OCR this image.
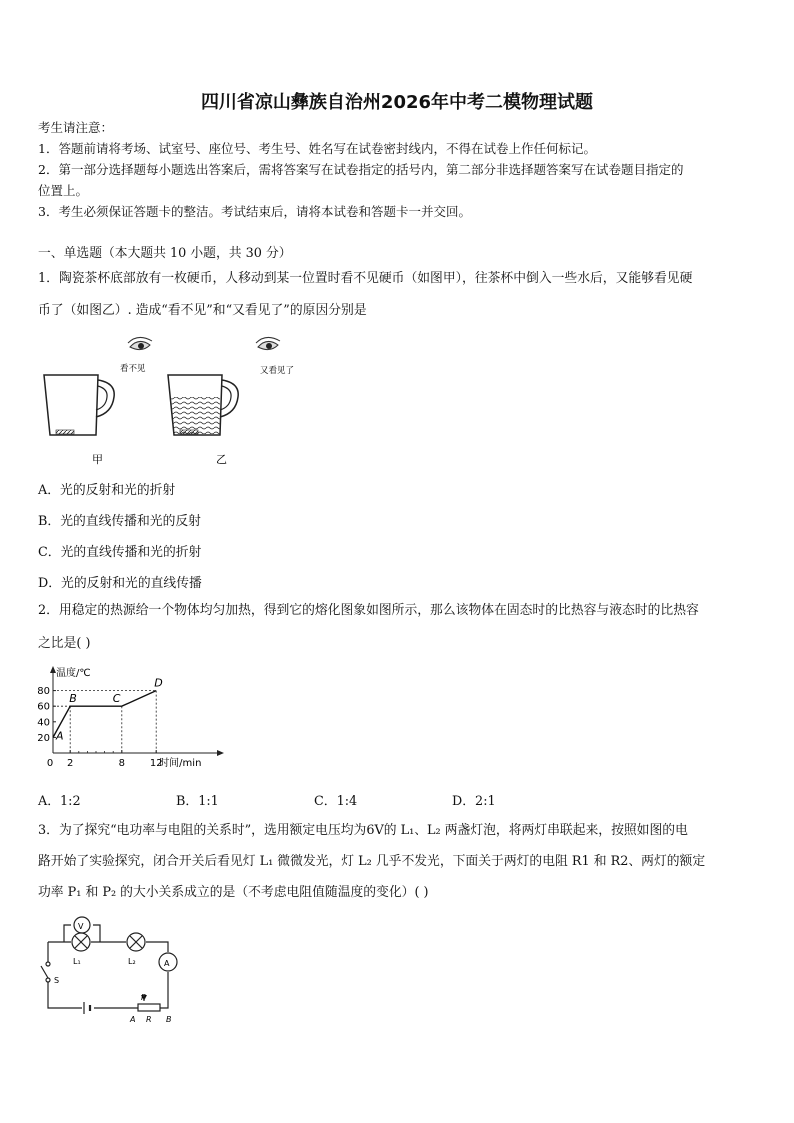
四川省凉山彝族自治州2026年中考二模物理试题
考生请注意：
1．答题前请将考场、试室号、座位号、考生号、姓名写在试卷密封线内，不得在试卷上作任何标记。
2．第一部分选择题每小题选出答案后，需将答案写在试卷指定的括号内，第二部分非选择题答案写在试卷题目指定的
位置上。
3．考生必须保证答题卡的整洁。考试结束后，请将本试卷和答题卡一并交回。
一、单选题（本大题共 10 小题，共 30 分）
1．陶瓷茶杯底部放有一枚硬币，人移动到某一位置时看不见硬币（如图甲），往茶杯中倒入一些水后，又能够看见硬
币了（如图乙）. 造成“看不见”和“又看见了”的原因分别是
看不见	又看见了
甲	乙
A．光的反射和光的折射
B．光的直线传播和光的反射
C．光的直线传播和光的折射
D．光的反射和光的直线传播
2．用稳定的热源给一个物体均匀加热，得到它的熔化图象如图所示，那么该物体在固态时的比热容与液态时的比热容
之比是( )
20
40
60
80
0 2	8 12
温度/℃
时间/min
A
B	C
D
A．1:2	B．1:1	C．1:4	D．2:1
3．为了探究“电功率与电阻的关系时”，选用额定电压均为6V的 L₁、L₂ 两盏灯泡，将两灯串联起来，按照如图的电
路开始了实验探究，闭合开关后看见灯 L₁ 微微发光，灯 L₂ 几乎不发光，下面关于两灯的电阻 R1 和 R2、两灯的额定
功率 P₁ 和 P₂ 的大小关系成立的是（不考虑电阻值随温度的变化）( )
V
A
L₁	L₂
S
P
A R B
